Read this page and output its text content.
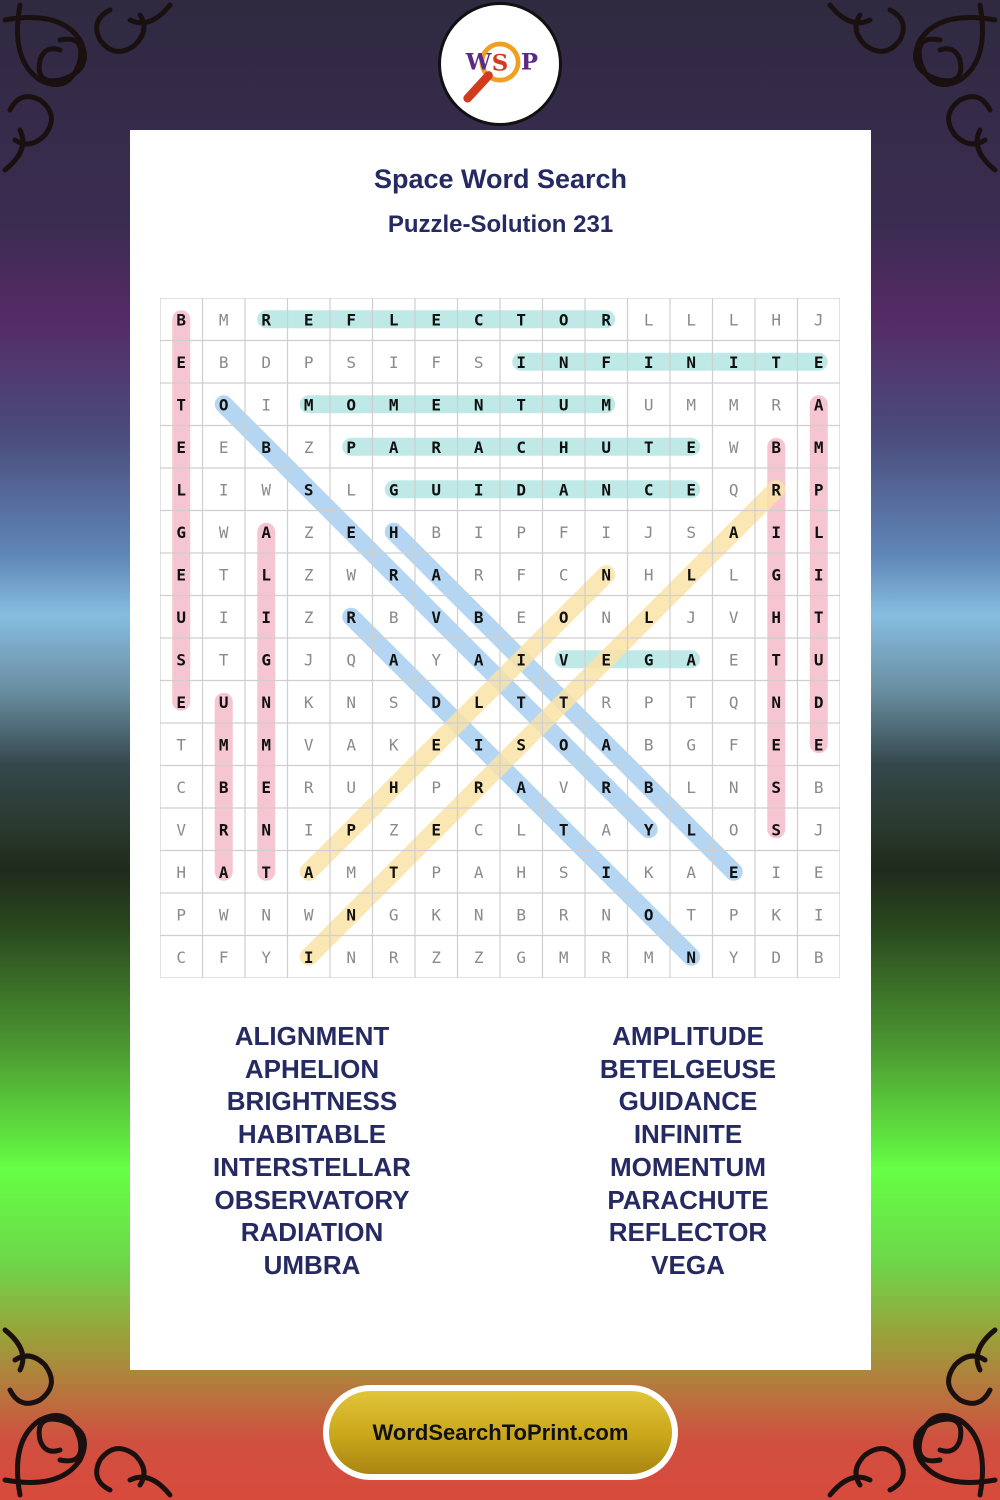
Space Word Search
Puzzle-Solution 231
B M R E F L E C T O R L L L H J
E B D P S I F S I N F I N I T E
T O I M O M E N T U M U M M R A
E E B Z P A R A C H U T E W B M
L I W S L G U I D A N C E Q R P
G W A Z E H B I P F I J S A I L
E T L Z W R A R F C N H L L G I
U I I Z R B V B E O N L J V H T
S T G J Q A Y A I V E G A E T U
E U N K N S D L T T R P T Q N D
T M M V A K E I S O A B G F E E
C B E R U H P R A V R B L N S B
V R N I P Z E C L T A Y L O S J
H A T A M T P A H S I K A E I E
P W N W N G K N B R N O T P K I
C F Y I N R Z Z G M R M N Y D B
ALIGNMENT
APHELION
BRIGHTNESS
HABITABLE
INTERSTELLAR
OBSERVATORY
RADIATION
UMBRA
AMPLITUDE
BETELGEUSE
GUIDANCE
INFINITE
MOMENTUM
PARACHUTE
REFLECTOR
VEGA
W S P
WordSearchToPrint.com
